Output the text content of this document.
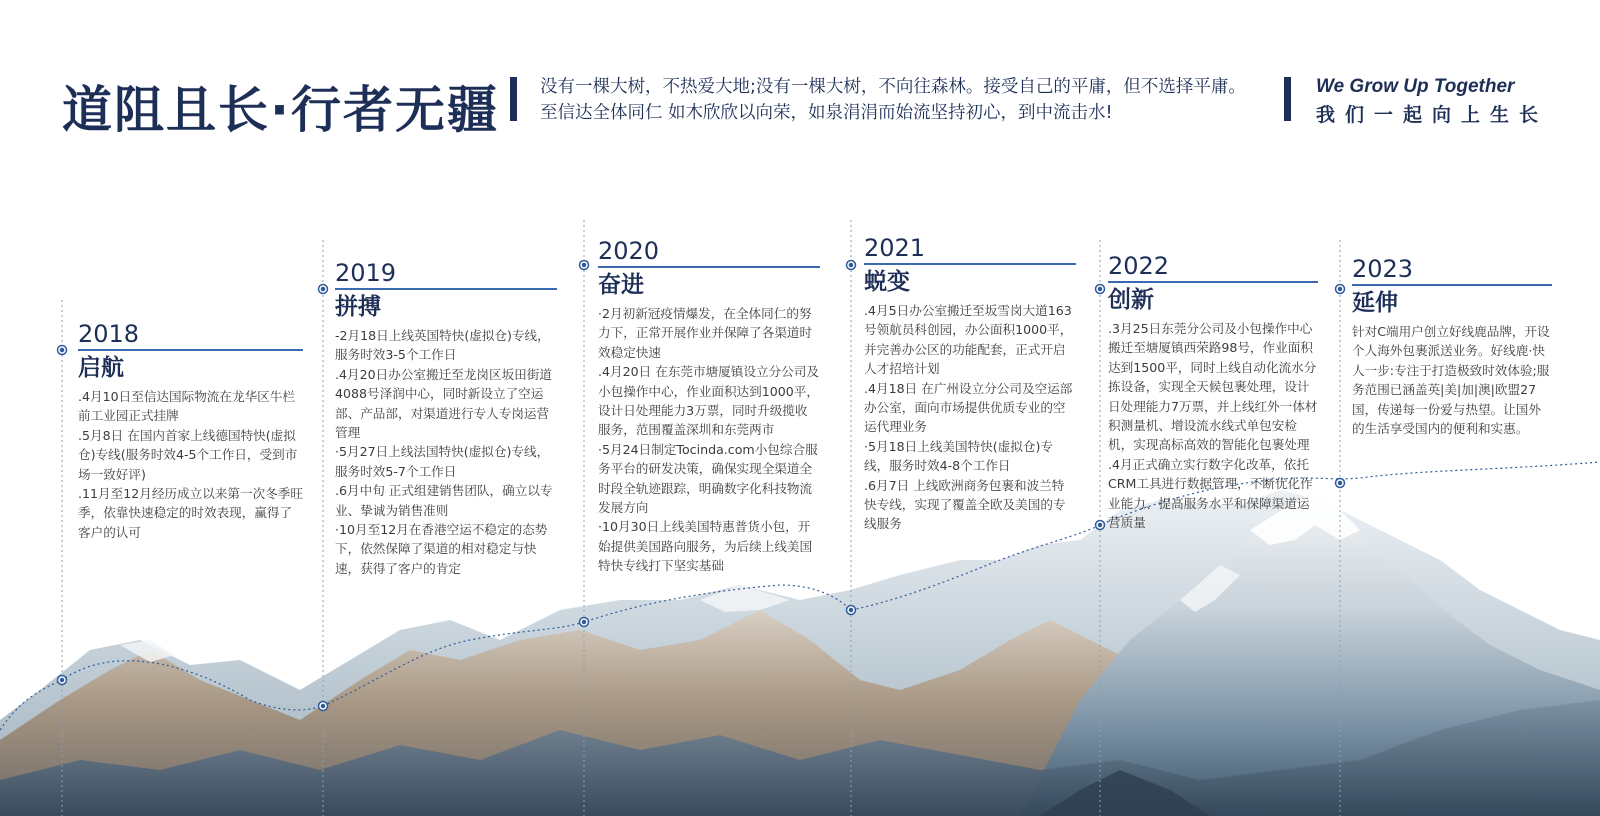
道阻且长·行者无疆 没有一棵大树，不热爱大地;没有一棵大树，不向往森林。接受自己的平庸，但不选择平庸。
至信达全体同仁 如木欣欣以向荣，如泉涓涓而始流坚持初心，到中流击水!
We Grow Up Together
我们一起向上生长
2018
启航

.4月10日至信达国际物流在龙华区牛栏前工业园正式挂牌

.5月8日 在国内首家上线德国特快(虚拟仓)专线(服务时效4-5个工作日，受到市场一致好评)

.11月至12月经历成立以来第一次冬季旺季，依靠快速稳定的时效表现，赢得了客户的认可

2019
拼搏

-2月18日上线英国特快(虚拟仓)专线，服务时效3-5个工作日

.4月20日办公室搬迁至龙岗区坂田街道4088号泽润中心，同时新设立了空运部、产品部，对渠道进行专人专岗运营管理

·5月27日上线法国特快(虚拟仓)专线，服务时效5-7个工作日

.6月中旬 正式组建销售团队，确立以专业、挚诚为销售准则

·10月至12月在香港空运不稳定的态势下，依然保障了渠道的相对稳定与快速，获得了客户的肯定

2020
奋进

·2月初新冠疫情爆发，在全体同仁的努力下，正常开展作业并保障了各渠道时效稳定快速

.4月20日 在东莞市塘厦镇设立分公司及小包操作中心，作业面积达到1000平，设计日处理能力3万票，同时升级揽收服务，范围覆盖深圳和东莞两市

·5月24日制定Tocinda.com小包综合服务平台的研发决策，确保实现全渠道全时段全轨迹跟踪，明确数字化科技物流发展方向

·10月30日上线美国特惠普货小包，开始提供美国路向服务，为后续上线美国特快专线打下坚实基础

2021
蜕变

.4月5日办公室搬迁至坂雪岗大道163号领航员科创园，办公面积1000平，并完善办公区的功能配套，正式开启人才招培计划

.4月18日 在广州设立分公司及空运部办公室，面向市场提供优质专业的空运代理业务

·5月18日上线美国特快(虚拟仓)专线，服务时效4-8个工作日

.6月7日 上线欧洲商务包裹和波兰特快专线，实现了覆盖全欧及美国的专线服务

2022
创新

.3月25日东莞分公司及小包操作中心搬迁至塘厦镇西荣路98号，作业面积达到1500平，同时上线自动化流水分拣设备，实现全天候包裹处理，设计日处理能力7万票，并上线红外一体材积测量机、增设流水线式单包安检机，实现高标高效的智能化包裹处理

.4月正式确立实行数字化改革，依托CRM工具进行数据管理，不断优化作业能力、提高服务水平和保障渠道运营质量

2023
延伸

针对C端用户创立好线鹿品牌，开设个人海外包裹派送业务。好线鹿·快人一步:专注于打造极致时效体验;服务范围已涵盖英|美|加|澳|欧盟27国，传递每一份爱与热望。让国外的生活享受国内的便利和实惠。
